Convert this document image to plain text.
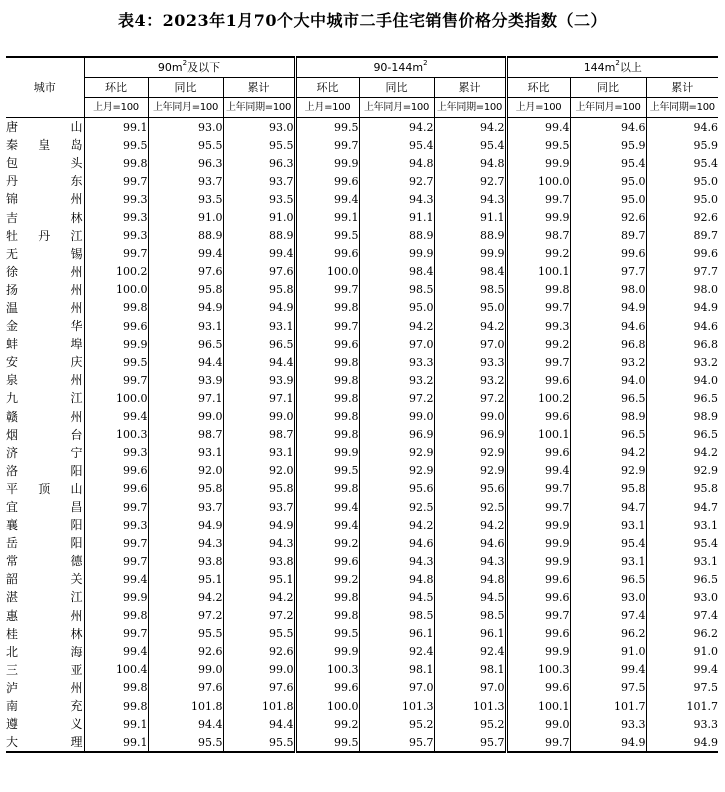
表4：2023年1月70个大中城市二手住宅销售价格分类指数（二）
城市	$90m^2$及以下			$90-144m^2$			$144m^2$以上		
	环比	同比	累计	环比	同比	累计	环比	同比	累计
	上月=100	上年同月=100	上年同期=100	上月=100	上年同月=100	上年同期=100	上月=100	上年同月=100	上年同期=100
唐山	99.1	93.0	93.0	99.5	94.2	94.2	99.4	94.6	94.6
秦皇岛	99.5	95.5	95.5	99.7	95.4	95.4	99.5	95.9	95.9
包头	99.8	96.3	96.3	99.9	94.8	94.8	99.9	95.4	95.4
丹东	99.7	93.7	93.7	99.6	92.7	92.7	100.0	95.0	95.0
锦州	99.3	93.5	93.5	99.4	94.3	94.3	99.7	95.0	95.0
吉林	99.3	91.0	91.0	99.1	91.1	91.1	99.9	92.6	92.6
牡丹江	99.3	88.9	88.9	99.5	88.9	88.9	98.7	89.7	89.7
无锡	99.7	99.4	99.4	99.6	99.9	99.9	99.2	99.6	99.6
徐州	100.2	97.6	97.6	100.0	98.4	98.4	100.1	97.7	97.7
扬州	100.0	95.8	95.8	99.7	98.5	98.5	99.8	98.0	98.0
温州	99.8	94.9	94.9	99.8	95.0	95.0	99.7	94.9	94.9
金华	99.6	93.1	93.1	99.7	94.2	94.2	99.3	94.6	94.6
蚌埠	99.9	96.5	96.5	99.6	97.0	97.0	99.2	96.8	96.8
安庆	99.5	94.4	94.4	99.8	93.3	93.3	99.7	93.2	93.2
泉州	99.7	93.9	93.9	99.8	93.2	93.2	99.6	94.0	94.0
九江	100.0	97.1	97.1	99.8	97.2	97.2	100.2	96.5	96.5
赣州	99.4	99.0	99.0	99.8	99.0	99.0	99.6	98.9	98.9
烟台	100.3	98.7	98.7	99.8	96.9	96.9	100.1	96.5	96.5
济宁	99.3	93.1	93.1	99.9	92.9	92.9	99.6	94.2	94.2
洛阳	99.6	92.0	92.0	99.5	92.9	92.9	99.4	92.9	92.9
平顶山	99.6	95.8	95.8	99.8	95.6	95.6	99.7	95.8	95.8
宜昌	99.7	93.7	93.7	99.4	92.5	92.5	99.7	94.7	94.7
襄阳	99.3	94.9	94.9	99.4	94.2	94.2	99.9	93.1	93.1
岳阳	99.7	94.3	94.3	99.2	94.6	94.6	99.9	95.4	95.4
常德	99.7	93.8	93.8	99.6	94.3	94.3	99.9	93.1	93.1
韶关	99.4	95.1	95.1	99.2	94.8	94.8	99.6	96.5	96.5
湛江	99.9	94.2	94.2	99.8	94.5	94.5	99.6	93.0	93.0
惠州	99.8	97.2	97.2	99.8	98.5	98.5	99.7	97.4	97.4
桂林	99.7	95.5	95.5	99.5	96.1	96.1	99.6	96.2	96.2
北海	99.4	92.6	92.6	99.9	92.4	92.4	99.9	91.0	91.0
三亚	100.4	99.0	99.0	100.3	98.1	98.1	100.3	99.4	99.4
泸州	99.8	97.6	97.6	99.6	97.0	97.0	99.6	97.5	97.5
南充	99.8	101.8	101.8	100.0	101.3	101.3	100.1	101.7	101.7
遵义	99.1	94.4	94.4	99.2	95.2	95.2	99.0	93.3	93.3
大理	99.1	95.5	95.5	99.5	95.7	95.7	99.7	94.9	94.9
